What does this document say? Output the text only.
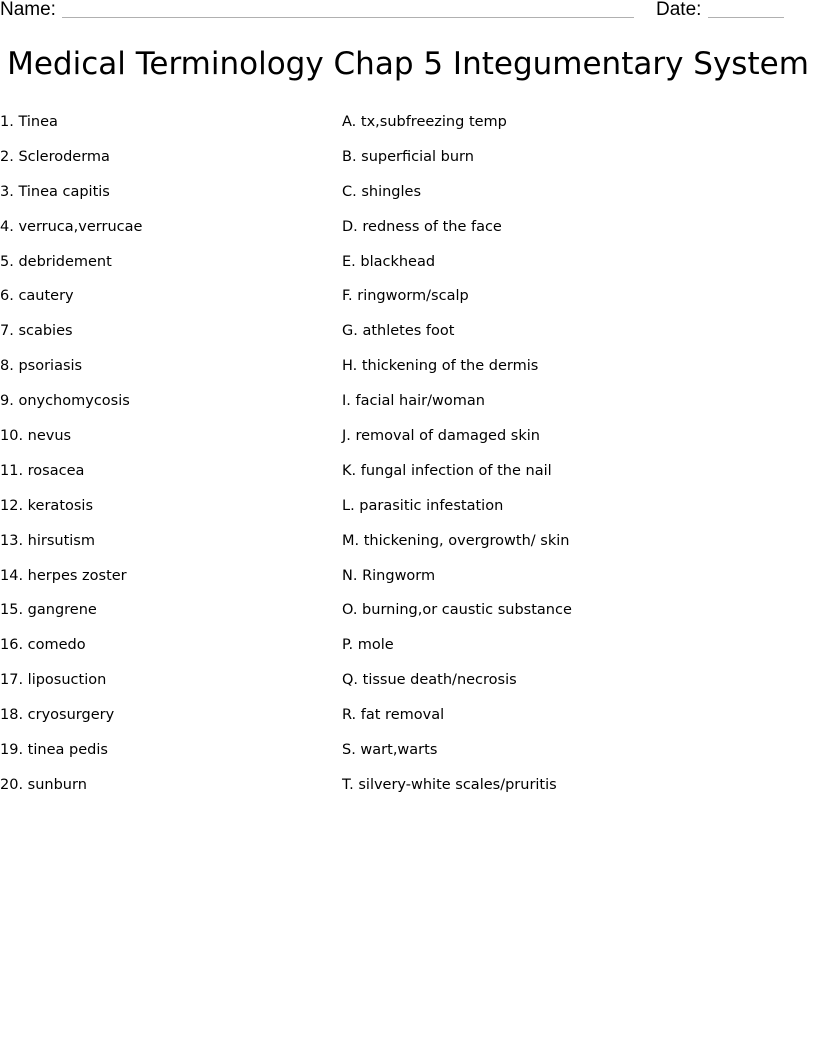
Name:	Date:
Medical Terminology Chap 5 Integumentary System
1. Tinea
2. Scleroderma
3. Tinea capitis
4. verruca,verrucae
5. debridement
6. cautery
7. scabies
8. psoriasis
9. onychomycosis
10. nevus
11. rosacea
12. keratosis
13. hirsutism
14. herpes zoster
15. gangrene
16. comedo
17. liposuction
18. cryosurgery
19. tinea pedis
20. sunburn
A. tx,subfreezing temp
B. superficial burn
C. shingles
D. redness of the face
E. blackhead
F. ringworm/scalp
G. athletes foot
H. thickening of the dermis
I. facial hair/woman
J. removal of damaged skin
K. fungal infection of the nail
L. parasitic infestation
M. thickening, overgrowth/ skin
N. Ringworm
O. burning,or caustic substance
P. mole
Q. tissue death/necrosis
R. fat removal
S. wart,warts
T. silvery-white scales/pruritis
